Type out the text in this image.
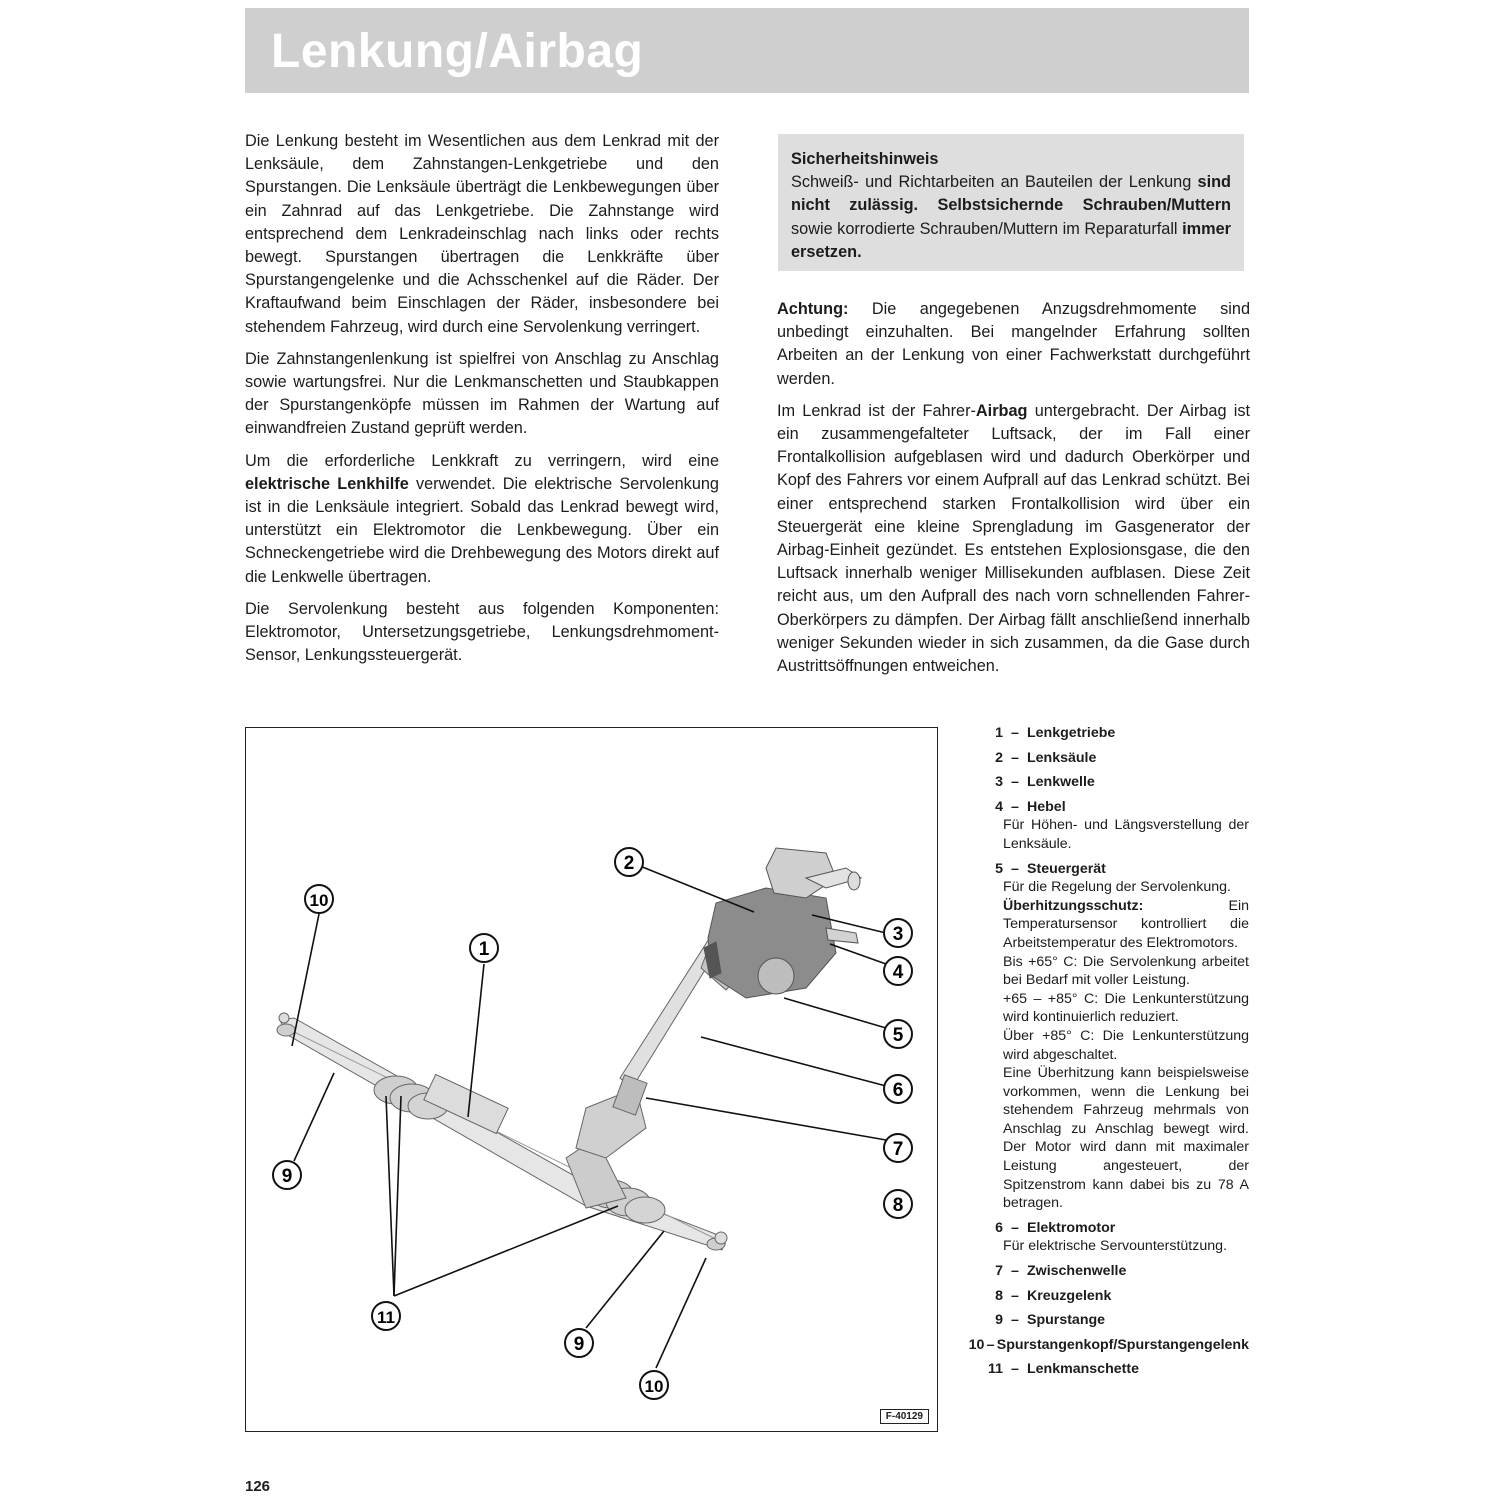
Lenkung/Airbag

Die Lenkung besteht im Wesentlichen aus dem Lenkrad mit der Lenksäule, dem Zahnstangen-Lenkgetriebe und den Spurstangen. Die Lenksäule überträgt die Lenkbewegungen über ein Zahnrad auf das Lenkgetriebe. Die Zahnstange wird entsprechend dem Lenkradeinschlag nach links oder rechts bewegt. Spurstangen übertragen die Lenkkräfte über Spurstangengelenke und die Achsschenkel auf die Räder. Der Kraftaufwand beim Einschlagen der Räder, insbesondere bei stehendem Fahrzeug, wird durch eine Servolenkung verringert.

Die Zahnstangenlenkung ist spielfrei von Anschlag zu Anschlag sowie wartungsfrei. Nur die Lenkmanschetten und Staubkappen der Spurstangenköpfe müssen im Rahmen der Wartung auf einwandfreien Zustand geprüft werden.

Um die erforderliche Lenkkraft zu verringern, wird eine elektrische Lenkhilfe verwendet. Die elektrische Servolenkung ist in die Lenksäule integriert. Sobald das Lenkrad bewegt wird, unterstützt ein Elektromotor die Lenkbewegung. Über ein Schneckengetriebe wird die Drehbewegung des Motors direkt auf die Lenkwelle übertragen.

Die Servolenkung besteht aus folgenden Komponenten: Elektromotor, Untersetzungsgetriebe, Lenkungsdrehmoment-Sensor, Lenkungssteuergerät.

Sicherheitshinweis
Schweiß- und Richtarbeiten an Bauteilen der Lenkung sind nicht zulässig. Selbstsichernde Schrauben/Muttern sowie korrodierte Schrauben/Muttern im Reparaturfall immer ersetzen.

Achtung: Die angegebenen Anzugsdrehmomente sind unbedingt einzuhalten. Bei mangelnder Erfahrung sollten Arbeiten an der Lenkung von einer Fachwerkstatt durchgeführt werden.

Im Lenkrad ist der Fahrer-Airbag untergebracht. Der Airbag ist ein zusammengefalteter Luftsack, der im Fall einer Frontalkollision aufgeblasen wird und dadurch Oberkörper und Kopf des Fahrers vor einem Aufprall auf das Lenkrad schützt. Bei einer entsprechend starken Frontalkollision wird über ein Steuergerät eine kleine Sprengladung im Gasgenerator der Airbag-Einheit gezündet. Es entstehen Explosionsgase, die den Luftsack innerhalb weniger Millisekunden aufblasen. Diese Zeit reicht aus, um den Aufprall des nach vorn schnellenden Fahrer-Oberkörpers zu dämpfen. Der Airbag fällt anschließend innerhalb weniger Sekunden wieder in sich zusammen, da die Gase durch Austrittsöffnungen entweichen.

1
2
3
4
5
6
7
8
9
10
11
9
10
F-40129
1 – Lenkgetriebe
2 – Lenksäule
3 – Lenkwelle
4 – Hebel
Für Höhen- und Längsverstellung der Lenksäule.
5 – Steuergerät

Für die Regelung der Servolenkung.

Überhitzungsschutz: Ein Temperatursensor kontrolliert die Arbeitstemperatur des Elektromotors.

Bis +65° C: Die Servolenkung arbeitet bei Bedarf mit voller Leistung.

+65 – +85° C: Die Lenkunterstützung wird kontinuierlich reduziert.

Über +85° C: Die Lenkunterstützung wird abgeschaltet.

Eine Überhitzung kann beispielsweise vorkommen, wenn die Lenkung bei stehendem Fahrzeug mehrmals von Anschlag zu Anschlag bewegt wird. Der Motor wird dann mit maximaler Leistung angesteuert, der Spitzenstrom kann dabei bis zu 78 A betragen.

6 – Elektromotor
Für elektrische Servounterstützung.
7 – Zwischenwelle
8 – Kreuzgelenk
9 – Spurstange
10 – Spurstangenkopf/Spurstangengelenk
11 – Lenkmanschette
126
